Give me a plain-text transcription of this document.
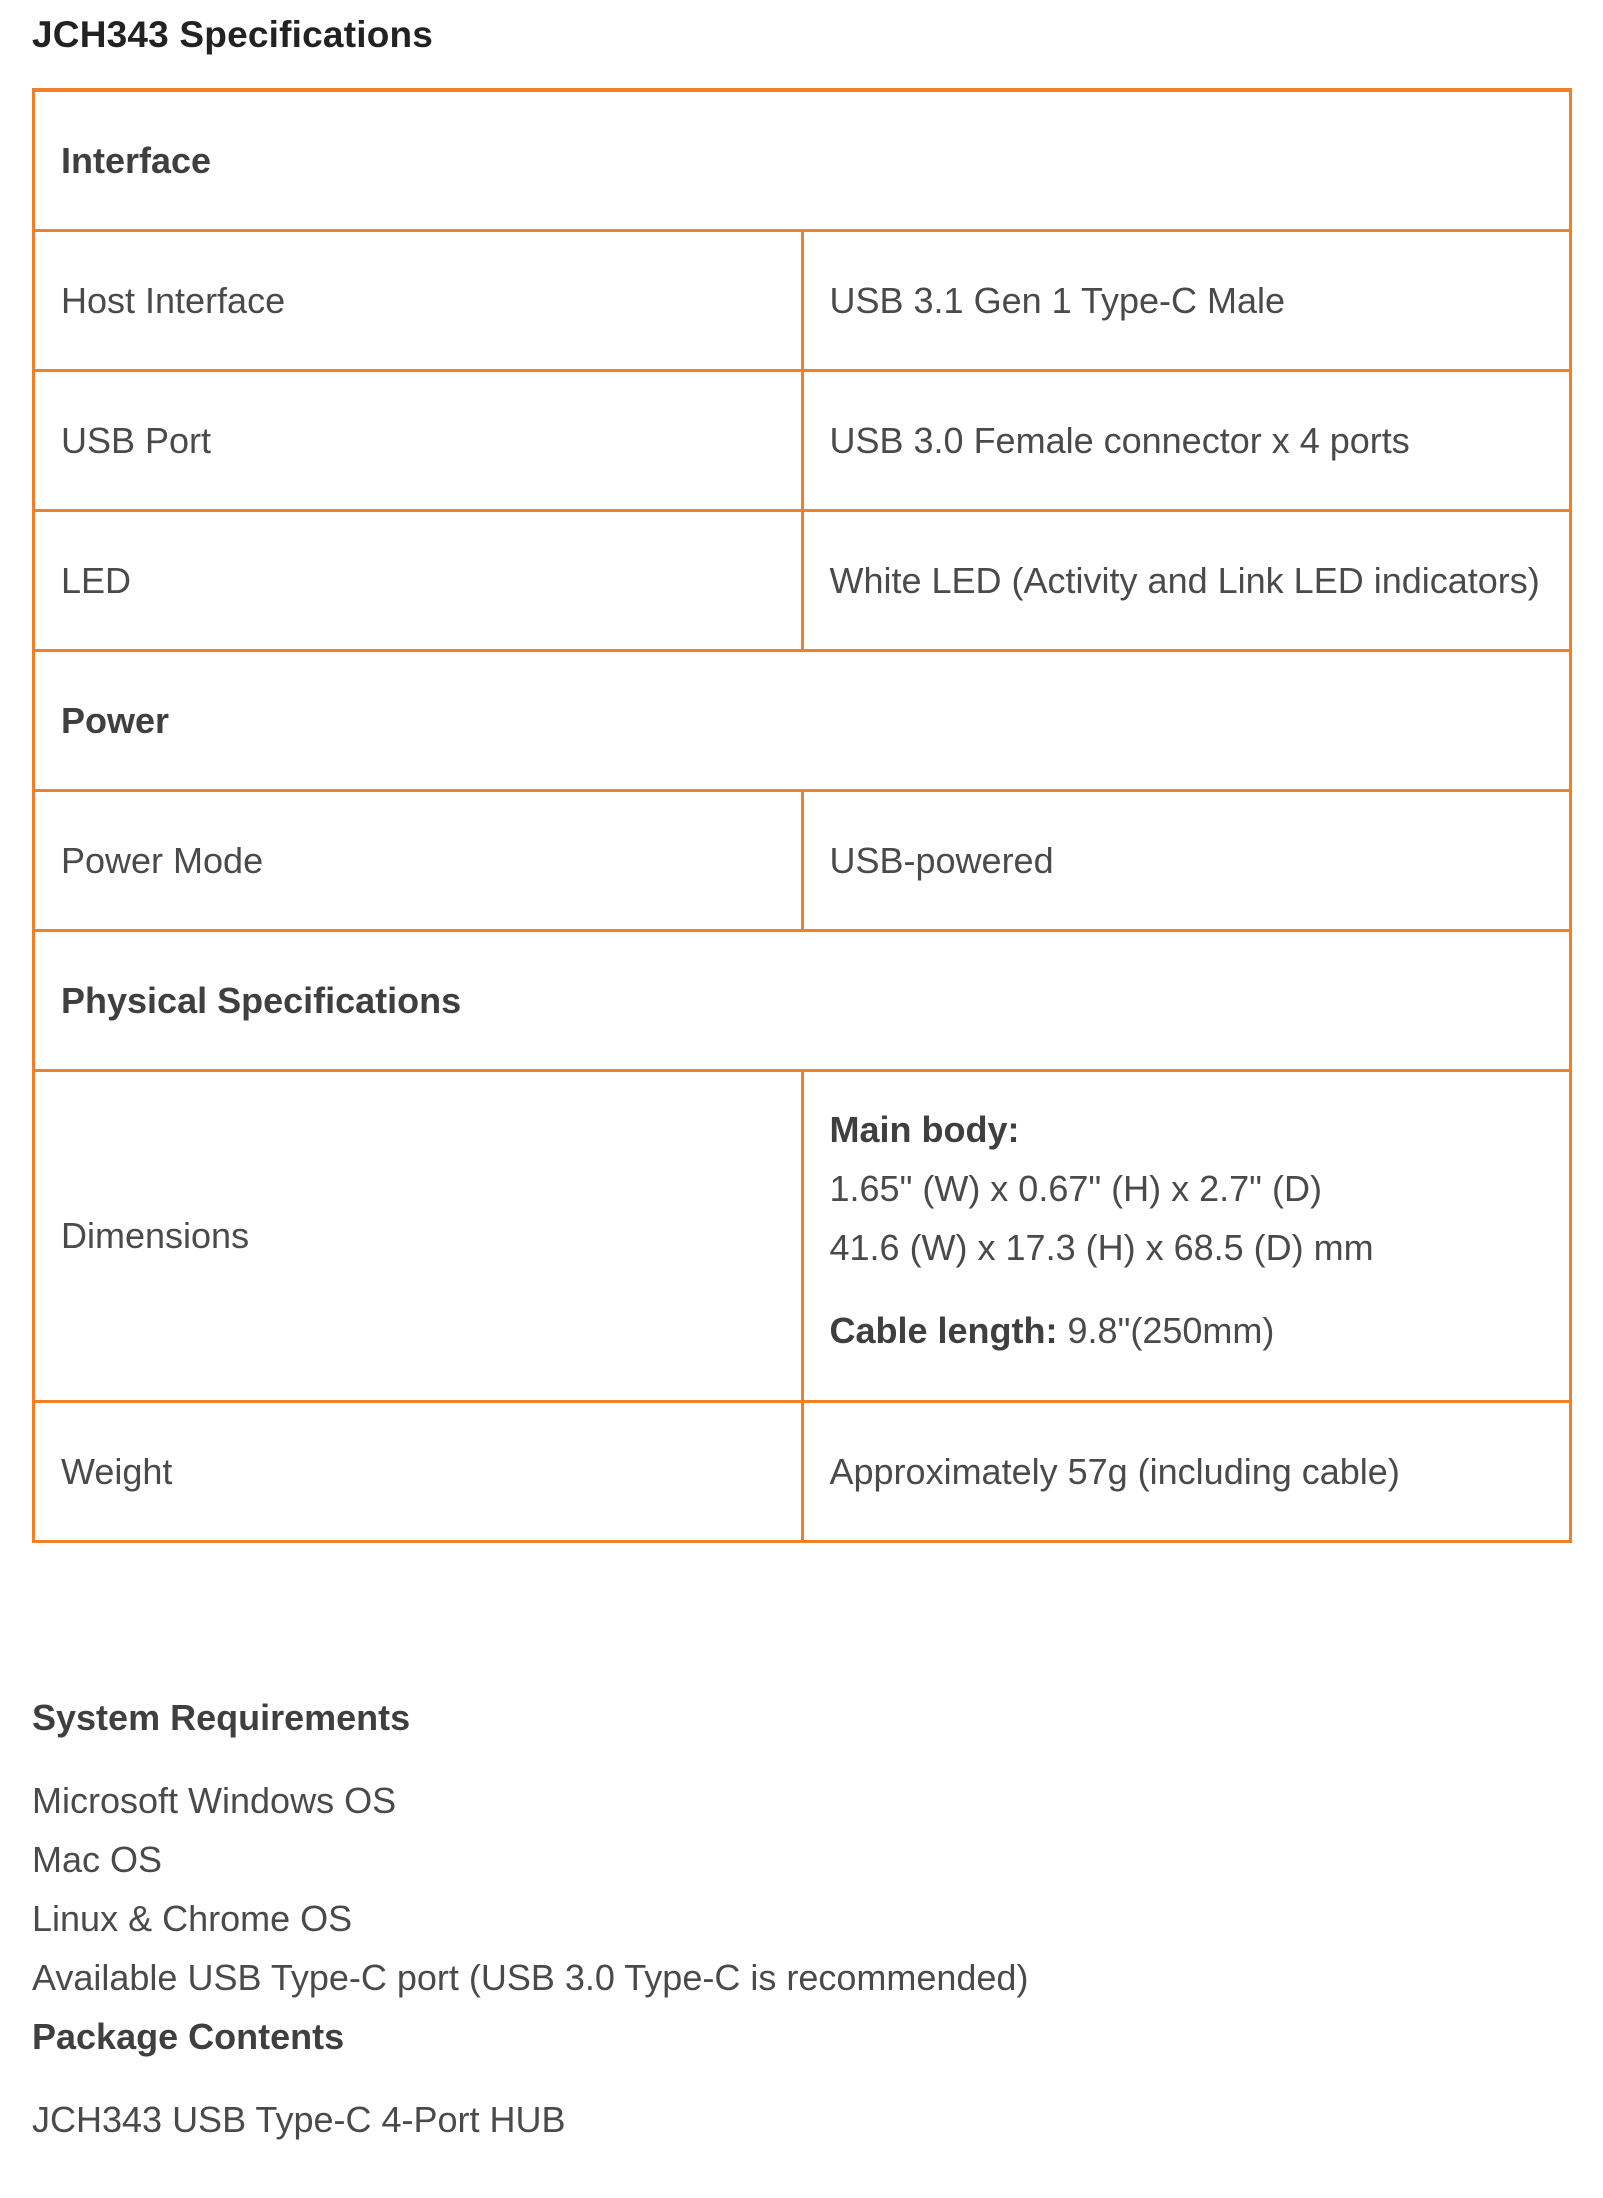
JCH343 Specifications
Interface	
Host Interface	USB 3.1 Gen 1 Type-C Male
USB Port	USB 3.0 Female connector x 4 ports
LED	White LED (Activity and Link LED indicators)
Power	
Power Mode	USB-powered
Physical Specifications	
Dimensions	Main body:
1.65" (W) x 0.67" (H) x 2.7" (D)
41.6 (W) x 17.3 (H) x 68.5 (D) mm
Cable length: 9.8"(250mm)

Weight	Approximately 57g (including cable)
System Requirements
Microsoft Windows OS
Mac OS
Linux & Chrome OS
Available USB Type-C port (USB 3.0 Type-C is recommended)
Package Contents
JCH343 USB Type-C 4-Port HUB
